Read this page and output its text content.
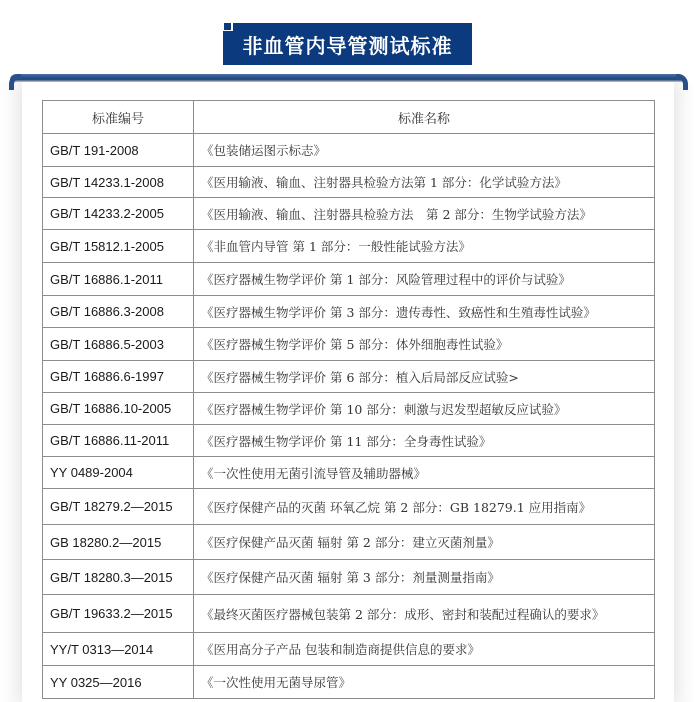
非血管内导管测试标准
标准编号	标准名称
GB/T 191-2008	《包装储运图示标志》
GB/T 14233.1-2008	《医用输液、输血、注射器具检验方法第 1 部分：化学试验方法》
GB/T 14233.2-2005	《医用输液、输血、注射器具检验方法　第 2 部分：生物学试验方法》
GB/T 15812.1-2005	《非血管内导管 第 1 部分：一般性能试验方法》
GB/T 16886.1-2011	《医疗器械生物学评价 第 1 部分：风险管理过程中的评价与试验》
GB/T 16886.3-2008	《医疗器械生物学评价 第 3 部分：遗传毒性、致癌性和生殖毒性试验》
GB/T 16886.5-2003	《医疗器械生物学评价 第 5 部分：体外细胞毒性试验》
GB/T 16886.6-1997	《医疗器械生物学评价 第 6 部分：植入后局部反应试验>
GB/T 16886.10-2005	《医疗器械生物学评价 第 10 部分：刺激与迟发型超敏反应试验》
GB/T 16886.11-2011	《医疗器械生物学评价 第 11 部分：全身毒性试验》
YY 0489-2004	《一次性使用无菌引流导管及辅助器械》
GB/T 18279.2—2015	《医疗保健产品的灭菌 环氧乙烷 第 2 部分：GB 18279.1 应用指南》
GB 18280.2—2015	《医疗保健产品灭菌 辐射 第 2 部分：建立灭菌剂量》
GB/T 18280.3—2015	《医疗保健产品灭菌 辐射 第 3 部分：剂量测量指南》
GB/T 19633.2—2015	《最终灭菌医疗器械包装第 2 部分：成形、密封和装配过程确认的要求》
YY/T 0313—2014	《医用高分子产品 包装和制造商提供信息的要求》
YY 0325—2016	《一次性使用无菌导尿管》
